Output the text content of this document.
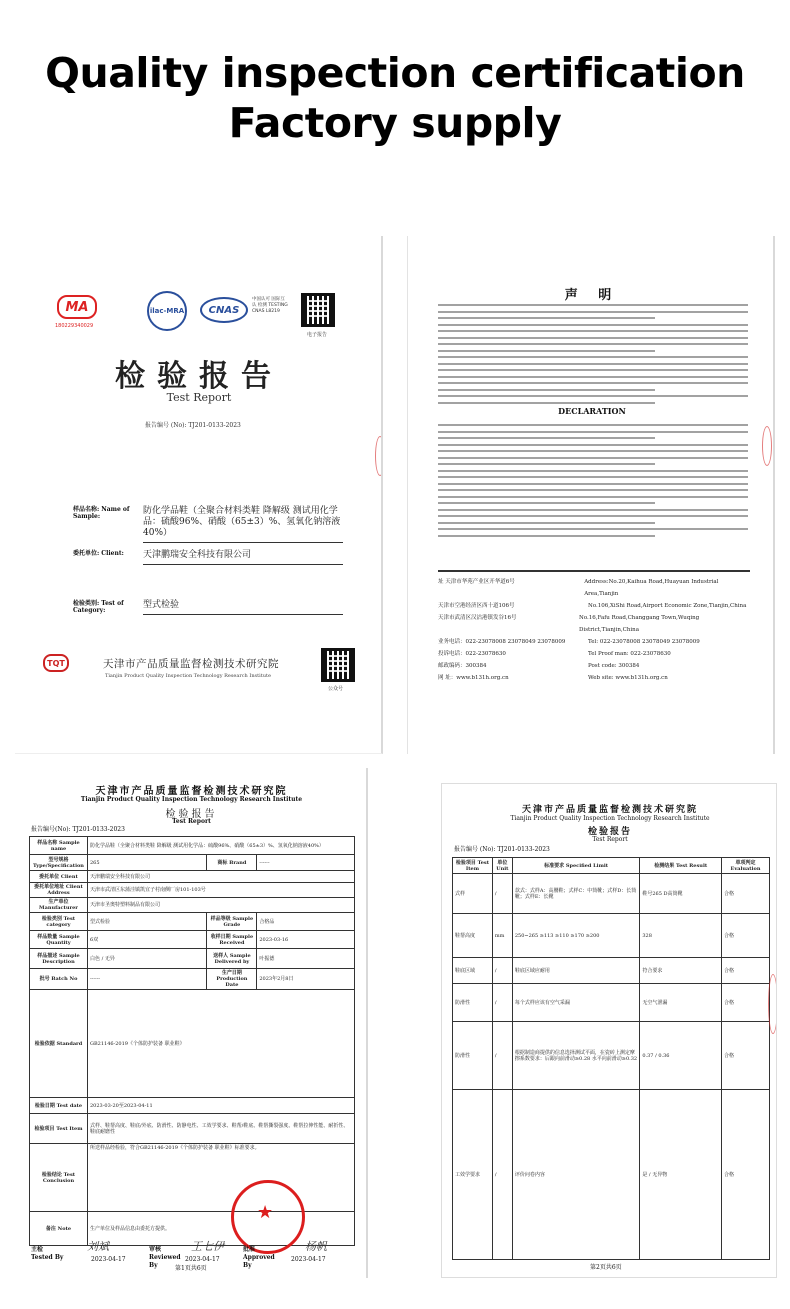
Quality inspection certification
Factory supply
MA
180229340029
ilac-MRA	CNAS
中国认可 国际互认 检测 TESTING CNAS L8219
电子报告
检验报告
Test Report
报告编号 (No): TJ201-0133-2023
样品名称: Name of Sample:
防化学品鞋（全聚合材料类鞋 降解级 测试用化学品：硫酸96%、硝酸（65±3）%、氢氧化钠溶液40%）
委托单位: Client:	天津鹏瑞安全科技有限公司
检验类别: Test of Category:
型式检验
TQT	天津市产品质量监督检测技术研究院
Tianjin Product Quality Inspection Technology Research Institute
公众号
声 明
DECLARATION
址 天津市华苑产业区开华道6号	Address:No.20,Kaihua Road,Huayuan Industrial Area,Tianjin
天津市空港经济区西十道106号	No.106,XiShi Road,Airport Economic Zone,Tianjin,China
天津市武清区汉沽港镇发谷16号	No.16,Fafu Road,Changgang Town,Wuqing District,Tianjin,China
业务电话：022-23078008 23078049 23078009	Tel: 022-23078008 23078049 23078009
投诉电话：022-23078630	Tel Proof man: 022-23078630
邮政编码：300384	Post code: 300384
网 址：www.b131h.org.cn	Web site: www.b131h.org.cn
天津市产品质量监督检测技术研究院
Tianjin Product Quality Inspection Technology Research Institute
检验报告
Test Report
报告编号(No): TJ201-0133-2023
样品名称 Sample name	防化学品鞋（全聚合材料类鞋 降解级 测试用化学品：硫酸96%、硝酸（65±3）%、氢氧化钠溶液40%）		
型号规格 Type/Specification	265	商标 Brand	------
委托单位 Client	天津鹏瑞安全科技有限公司		
委托单位地址 Client Address	天津市武清区东蒲洼镇凯宜子村南侧厂房101-103号		
生产单位 Manufacturer	天津市圣奥特塑料制品有限公司		
检验类别 Test category	型式检验	样品等级 Sample Grade	合格品
样品数量 Sample Quantity	6双	收样日期 Sample Received	2023-03-16
样品描述 Sample Description	白色 / 无异	送样人 Sample Delivered by	叶振德
批号 Batch No	------	生产日期 Production Date	2023年2月8日
检验依据 Standard	GB21146-2019《个体防护装备 职业鞋》		
检验日期 Test date	2023-03-20至2023-04-11		
检验项目 Test Item	式样、鞋帮高度、鞋底/外底、防滑性、防静电性、工效学要求、鞋帮/鞋底、鞋帮撕裂强度、鞋帮拉伸性能、耐折性、鞋底耐磨性		
检验结论 Test Conclusion	所送样品经检验，符合GB21146-2019《个体防护装备 职业鞋》标准要求。		
备注 Note	生产单位及样品信息由委托方提供。		
★
主检 Tested By
刘斌
2023-04-17
审核 Reviewed By
王七伊
2023-04-17
批准 Approved By
杨帆
2023-04-17
第1页共6页
天津市产品质量监督检测技术研究院
Tianjin Product Quality Inspection Technology Research Institute
检验报告
Test Report
报告编号 (No): TJ201-0133-2023
检验项目 Test Item	单位 Unit	标准要求 Specified Limit	检测结果 Test Result	单项判定 Evaluation
式样	/	款式：式样A：高腰鞋；式样C：中筒靴；式样D：长筒靴；式样E：长靴	鞋号265 D高筒靴	合格
鞋帮高度	mm	250~265 ≥113 ≥110 ≥170 ≥200	328	合格
鞋底区域	/	鞋底区域应耐用	符合要求	合格
防滑性	/	每个式样应该有空气采漏	无空气泄漏	合格
防滑性	/	根据制造商提供的信息选择测试平面，在瓷砖上测定摩擦系数要求：后跟向前滑动≥0.28 水平向前滑动≥0.32	0.37 / 0.36	合格
工效学要求	/	评价问卷内容	是 / 无异物	合格
第2页共6页
